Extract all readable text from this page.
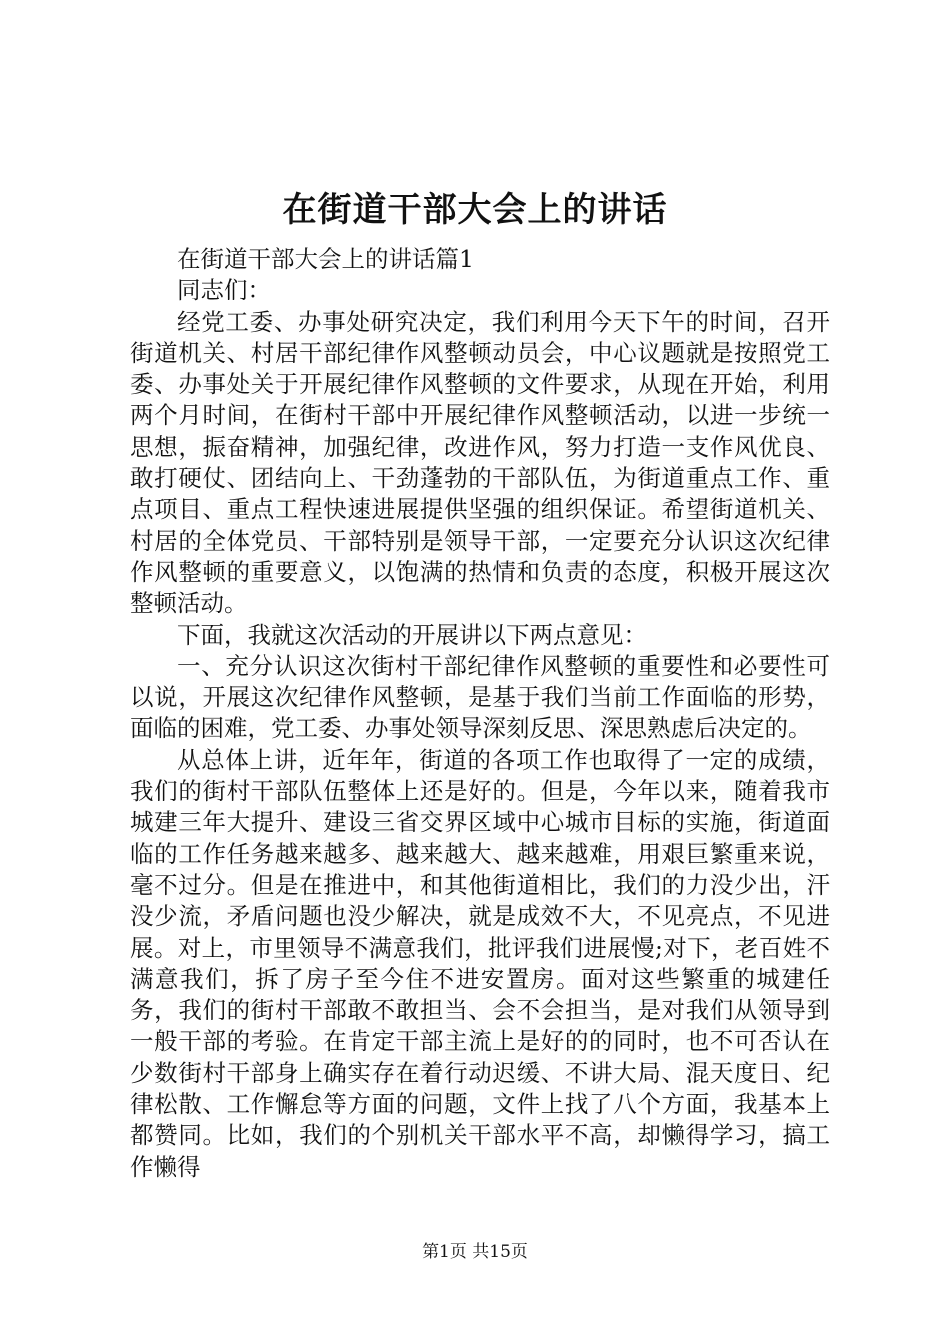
在街道干部大会上的讲话

在街道干部大会上的讲话篇1

同志们：

经党工委、办事处研究决定，我们利用今天下午的时间，召开街道机关、村居干部纪律作风整顿动员会，中心议题就是按照党工委、办事处关于开展纪律作风整顿的文件要求，从现在开始，利用两个月时间，在街村干部中开展纪律作风整顿活动，以进一步统一思想，振奋精神，加强纪律，改进作风，努力打造一支作风优良、敢打硬仗、团结向上、干劲蓬勃的干部队伍，为街道重点工作、重点项目、重点工程快速进展提供坚强的组织保证。希望街道机关、村居的全体党员、干部特别是领导干部，一定要充分认识这次纪律作风整顿的重要意义，以饱满的热情和负责的态度，积极开展这次整顿活动。

下面，我就这次活动的开展讲以下两点意见：

一、充分认识这次街村干部纪律作风整顿的重要性和必要性可以说，开展这次纪律作风整顿，是基于我们当前工作面临的形势，面临的困难，党工委、办事处领导深刻反思、深思熟虑后决定的。

从总体上讲，近年年，街道的各项工作也取得了一定的成绩，我们的街村干部队伍整体上还是好的。但是，今年以来，随着我市城建三年大提升、建设三省交界区域中心城市目标的实施，街道面临的工作任务越来越多、越来越大、越来越难，用艰巨繁重来说，毫不过分。但是在推进中，和其他街道相比，我们的力没少出，汗没少流，矛盾问题也没少解决，就是成效不大，不见亮点，不见进展。对上，市里领导不满意我们，批评我们进展慢;对下，老百姓不满意我们，拆了房子至今住不进安置房。面对这些繁重的城建任务，我们的街村干部敢不敢担当、会不会担当，是对我们从领导到一般干部的考验。在肯定干部主流上是好的的同时，也不可否认在少数街村干部身上确实存在着行动迟缓、不讲大局、混天度日、纪律松散、工作懈怠等方面的问题，文件上找了八个方面，我基本上都赞同。比如，我们的个别机关干部水平不高，却懒得学习，搞工作懒得

第1页 共15页
